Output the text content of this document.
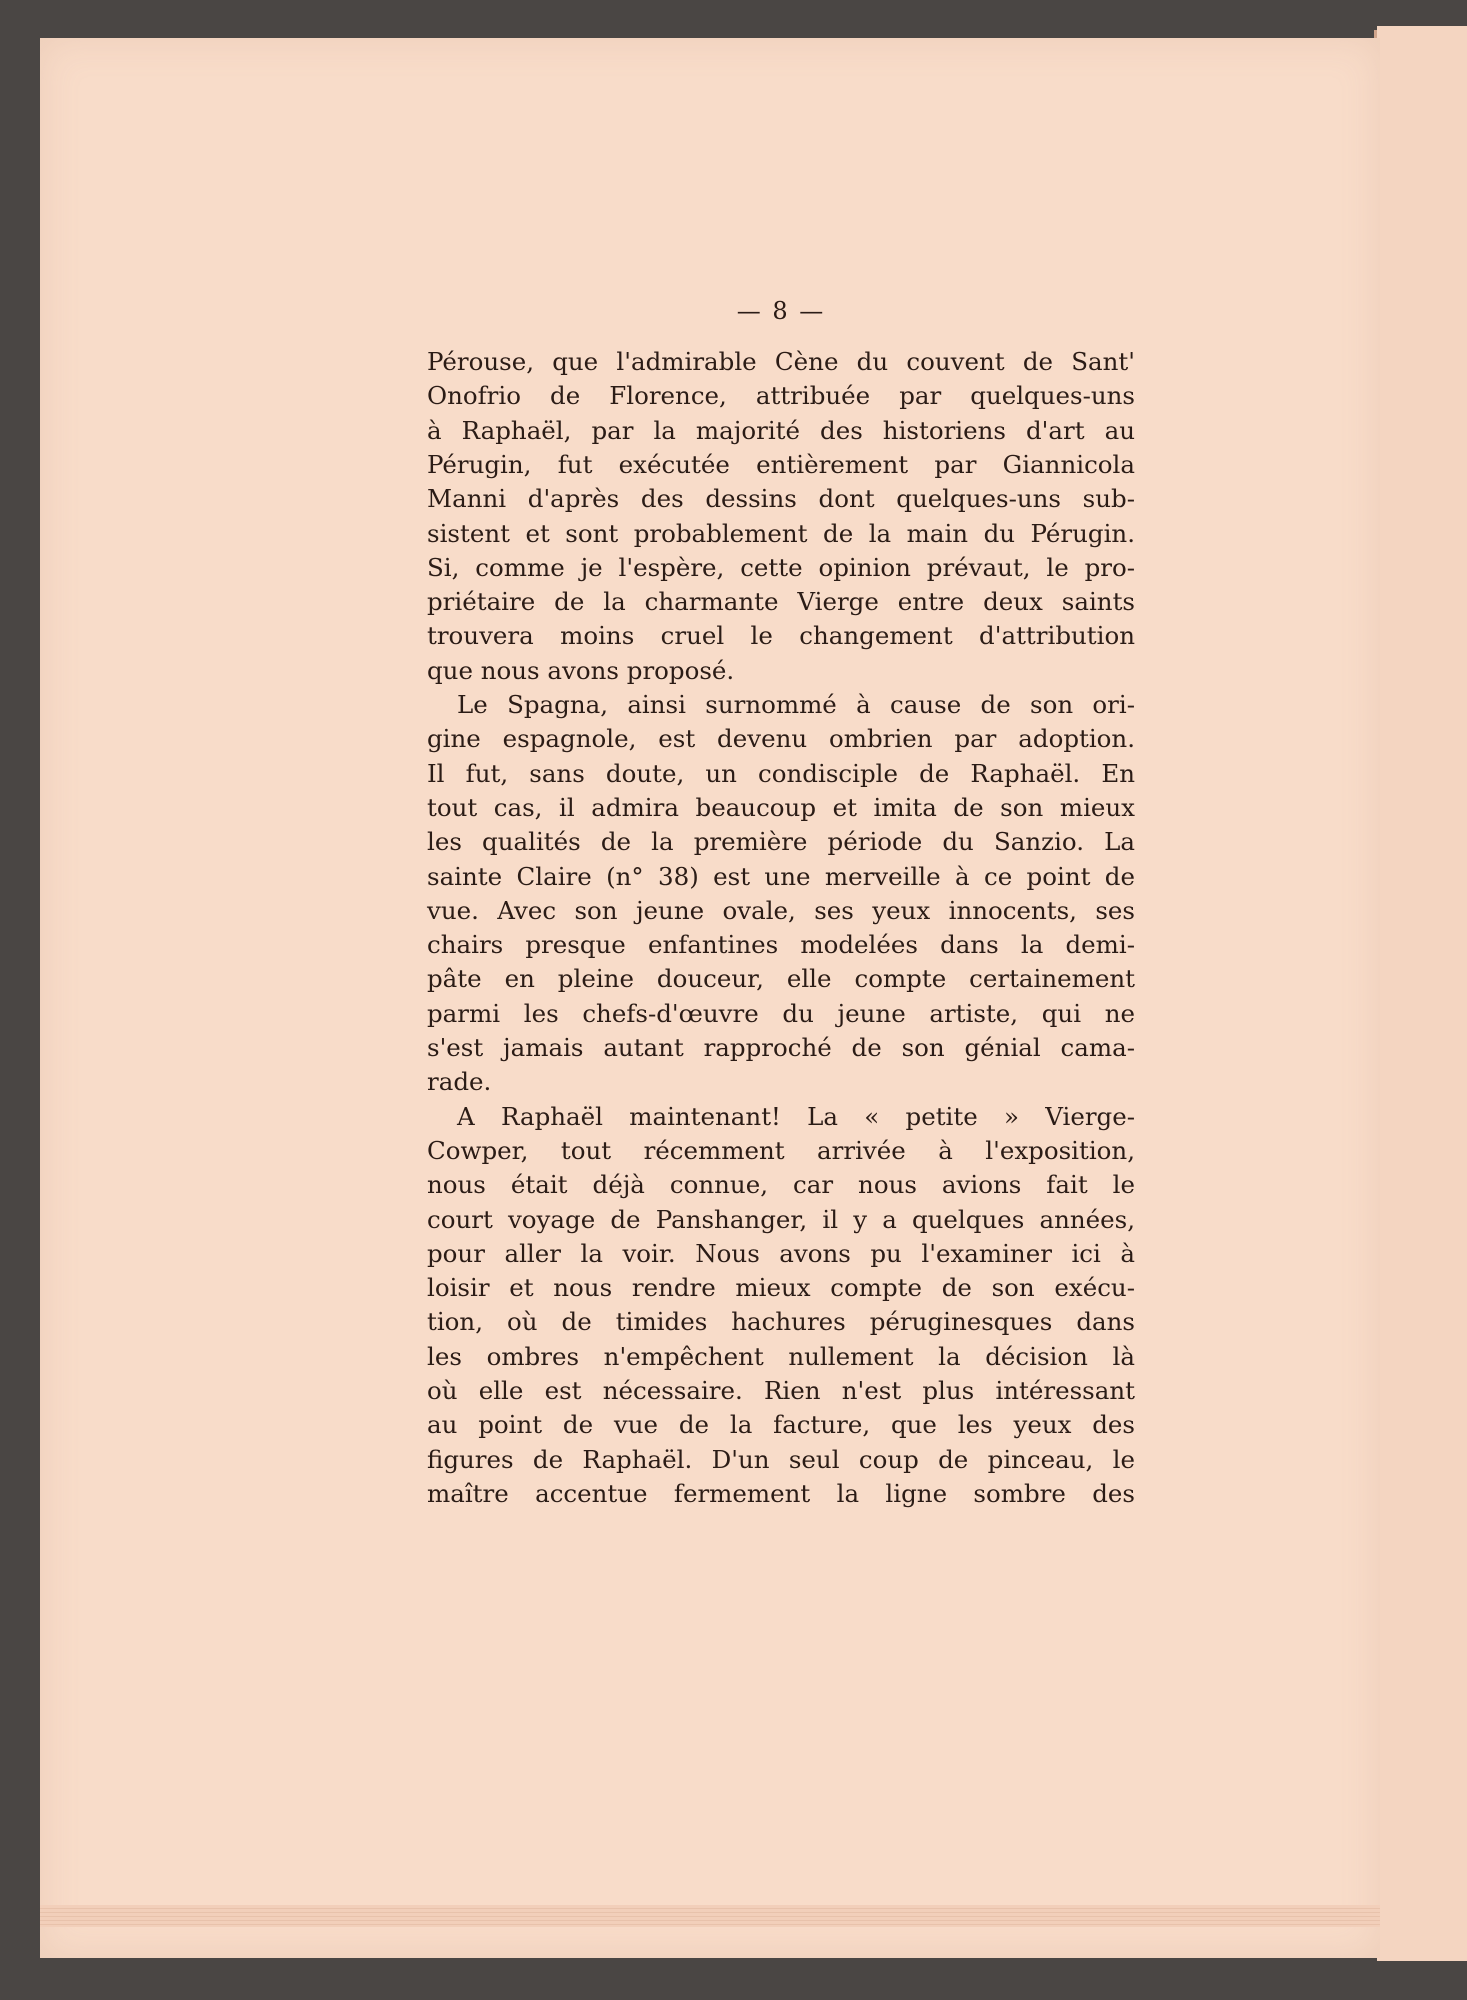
— 8 —
Pérouse, que l'admirable Cène du couvent de Sant'
Onofrio de Florence, attribuée par quelques-uns
à Raphaël, par la majorité des historiens d'art au
Pérugin, fut exécutée entièrement par Giannicola
Manni d'après des dessins dont quelques-uns sub-
sistent et sont probablement de la main du Pérugin.
Si, comme je l'espère, cette opinion prévaut, le pro-
priétaire de la charmante Vierge entre deux saints
trouvera moins cruel le changement d'attribution
que nous avons proposé.
Le Spagna, ainsi surnommé à cause de son ori-
gine espagnole, est devenu ombrien par adoption.
Il fut, sans doute, un condisciple de Raphaël. En
tout cas, il admira beaucoup et imita de son mieux
les qualités de la première période du Sanzio. La
sainte Claire (n° 38) est une merveille à ce point de
vue. Avec son jeune ovale, ses yeux innocents, ses
chairs presque enfantines modelées dans la demi-
pâte en pleine douceur, elle compte certainement
parmi les chefs-d'œuvre du jeune artiste, qui ne
s'est jamais autant rapproché de son génial cama-
rade.
A Raphaël maintenant! La « petite » Vierge-
Cowper, tout récemment arrivée à l'exposition,
nous était déjà connue, car nous avions fait le
court voyage de Panshanger, il y a quelques années,
pour aller la voir. Nous avons pu l'examiner ici à
loisir et nous rendre mieux compte de son exécu-
tion, où de timides hachures péruginesques dans
les ombres n'empêchent nullement la décision là
où elle est nécessaire. Rien n'est plus intéressant
au point de vue de la facture, que les yeux des
figures de Raphaël. D'un seul coup de pinceau, le
maître accentue fermement la ligne sombre des
